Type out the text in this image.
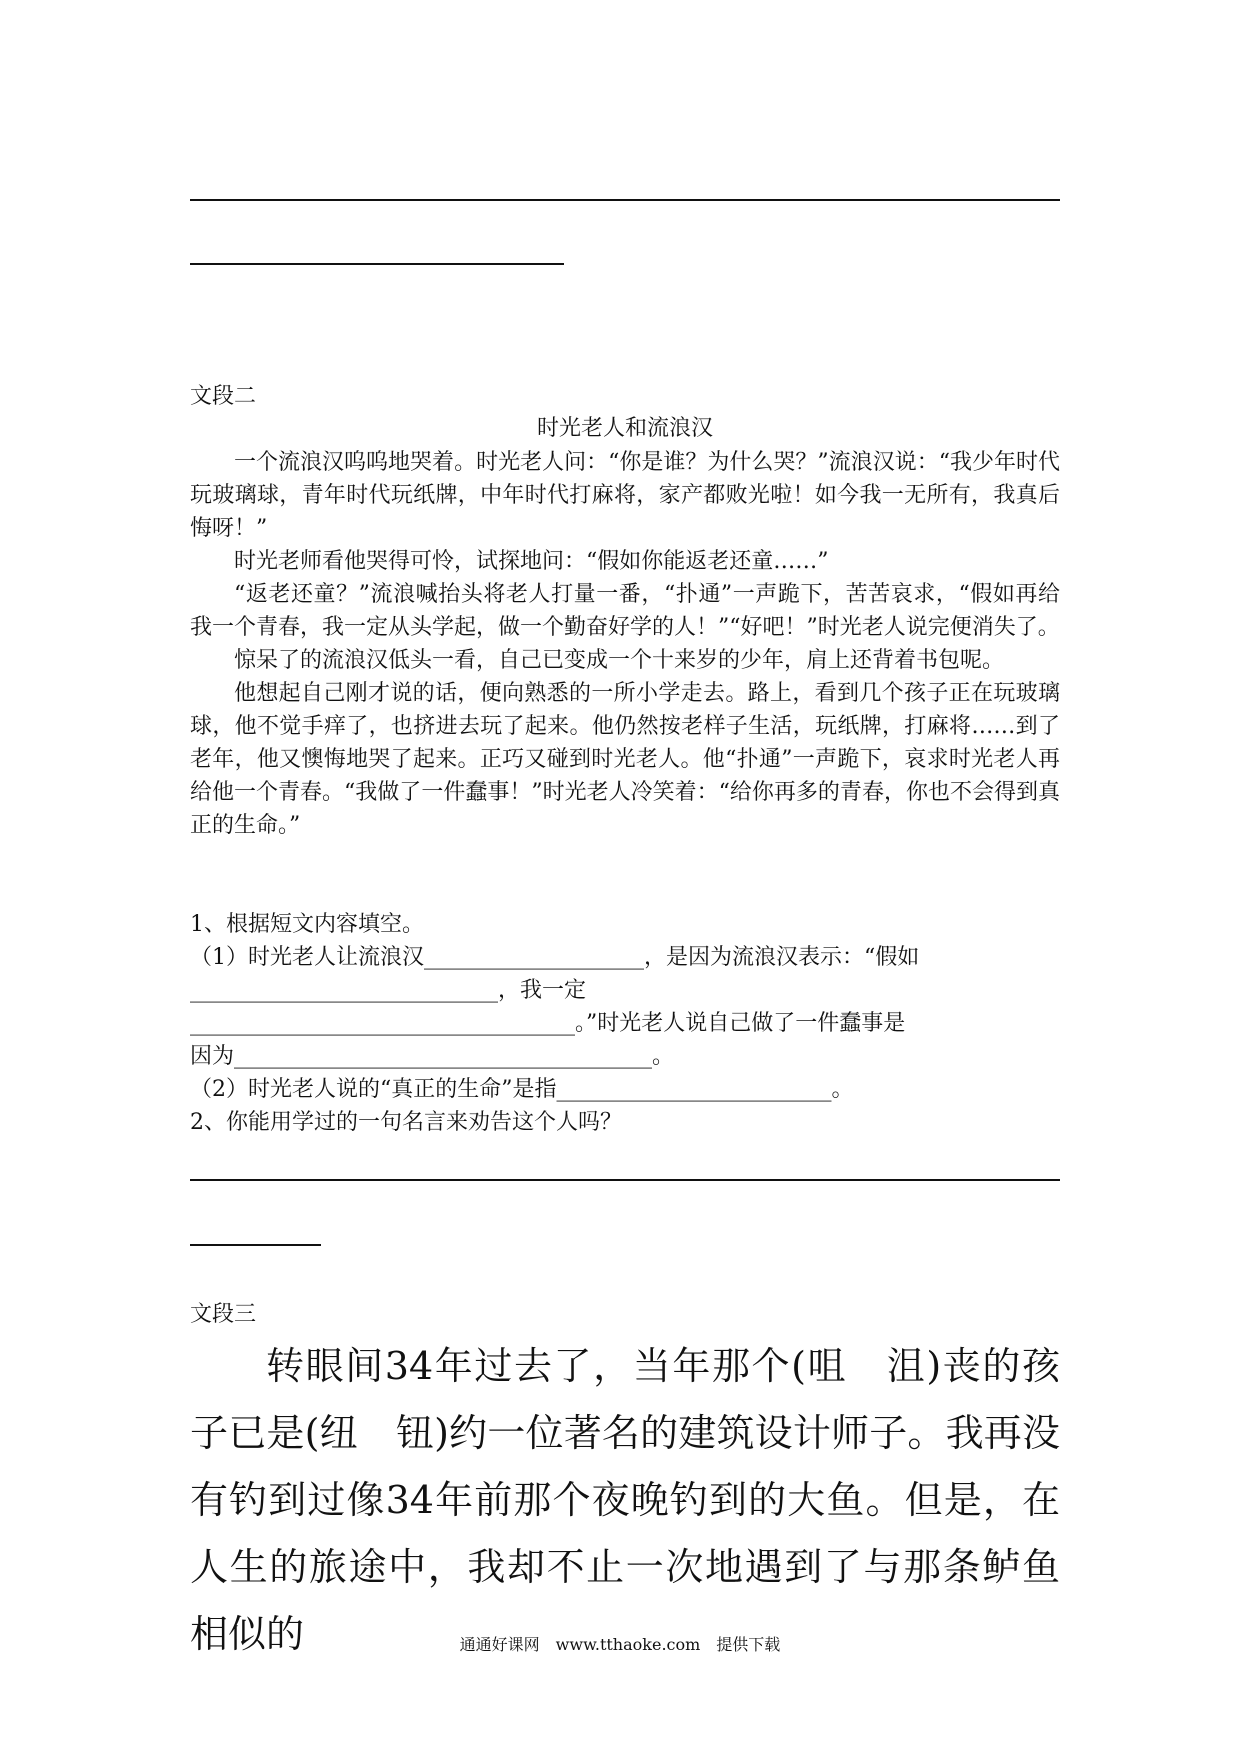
文段二
时光老人和流浪汉

一个流浪汉呜呜地哭着。时光老人问：“你是谁？为什么哭？”流浪汉说：“我少年时代玩玻璃球，青年时代玩纸牌，中年时代打麻将，家产都败光啦！如今我一无所有，我真后悔呀！”

时光老师看他哭得可怜，试探地问：“假如你能返老还童……”

“返老还童？”流浪喊抬头将老人打量一番，“扑通”一声跪下，苦苦哀求，“假如再给我一个青春，我一定从头学起，做一个勤奋好学的人！”“好吧！”时光老人说完便消失了。

惊呆了的流浪汉低头一看，自己已变成一个十来岁的少年，肩上还背着书包呢。

他想起自己刚才说的话，便向熟悉的一所小学走去。路上，看到几个孩子正在玩玻璃球，他不觉手痒了，也挤进去玩了起来。他仍然按老样子生活，玩纸牌，打麻将……到了老年，他又懊悔地哭了起来。正巧又碰到时光老人。他“扑通”一声跪下，哀求时光老人再给他一个青春。“我做了一件蠢事！”时光老人冷笑着：“给你再多的青春，你也不会得到真正的生命。”

1、根据短文内容填空。
（1）时光老人让流浪汉____________________，是因为流浪汉表示：“假如
____________________________，我一定
___________________________________。”时光老人说自己做了一件蠢事是
因为______________________________________。
（2）时光老人说的“真正的生命”是指_________________________。
2、你能用学过的一句名言来劝告这个人吗？
文段三

转眼间34年过去了，当年那个(咀　沮)丧的孩子已是(纽　钮)约一位著名的建筑设计师子。我再没有钓到过像34年前那个夜晚钓到的大鱼。但是，在人生的旅途中，我却不止一次地遇到了与那条鲈鱼相似的	通通好课网　www.tthaoke.com　提供下载
